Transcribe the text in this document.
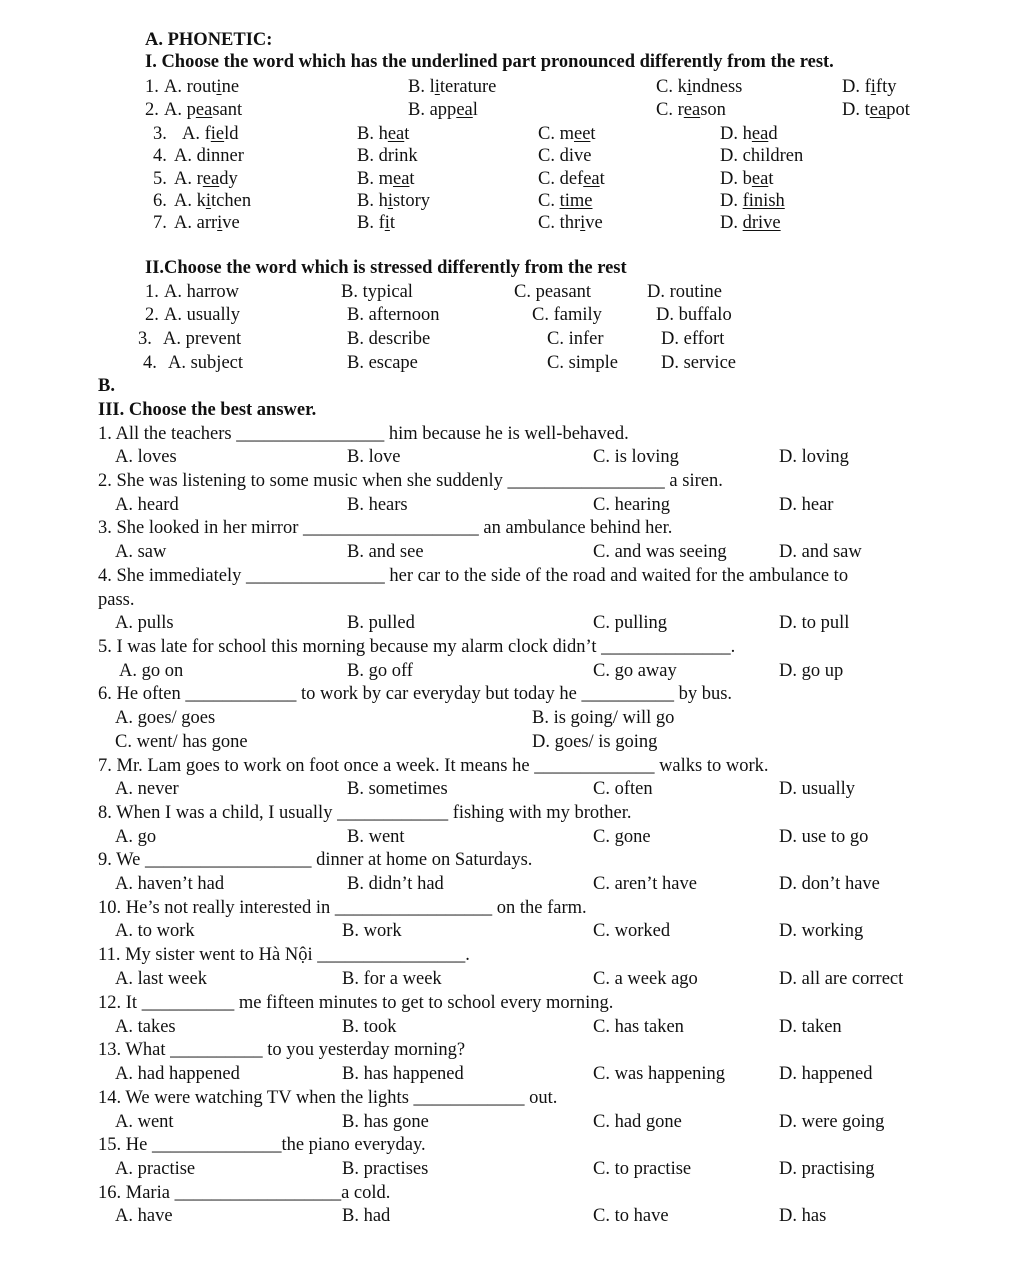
A. PHONETIC:
I. Choose the word which has the underlined part pronounced differently from the rest.
1. A. routine	B. literature	C. kindness	D. fifty
2. A. peasant	B. appeal	C. reason	D. teapot
3. A. field	B. heat	C. meet	D. head
4. A. dinner	B. drink	C. dive	D. children
5. A. ready	B. meat	C. defeat	D. beat
6. A. kitchen	B. history	C. time	D. finish
7. A. arrive	B. fit	C. thrive	D. drive
II.Choose the word which is stressed differently from the rest
1. A. harrow	B. typical	C. peasant	D. routine
2. A. usually	B. afternoon	C. family	D. buffalo
3. A. prevent	B. describe	C. infer	D. effort
4. A. subject	B. escape	C. simple D. service
B.
III. Choose the best answer.
1. All the teachers ________________ him because he is well-behaved.
A. loves	B. love	C. is loving	D. loving
2. She was listening to some music when she suddenly _________________ a siren.
A. heard	B. hears	C. hearing	D. hear
3. She looked in her mirror ___________________ an ambulance behind her.
A. saw	B. and see	C. and was seeing	D. and saw
4. She immediately _______________ her car to the side of the road and waited for the ambulance to
pass.
A. pulls	B. pulled	C. pulling	D. to pull
5. I was late for school this morning because my alarm clock didn’t ______________.
A. go on	B. go off	C. go away	D. go up
6. He often ____________ to work by car everyday but today he __________ by bus.
A. goes/ goes	B. is going/ will go
C. went/ has gone	D. goes/ is going
7. Mr. Lam goes to work on foot once a week. It means he _____________ walks to work.
A. never	B. sometimes	C. often	D. usually
8. When I was a child, I usually ____________ fishing with my brother.
A. go	B. went	C. gone	D. use to go
9. We __________________ dinner at home on Saturdays.
A. haven’t had	B. didn’t had	C. aren’t have	D. don’t have
10. He’s not really interested in _________________ on the farm.
A. to work	B. work	C. worked	D. working
11. My sister went to Hà Nội ________________.
A. last week	B. for a week	C. a week ago	D. all are correct
12. It __________ me fifteen minutes to get to school every morning.
A. takes	B. took	C. has taken	D. taken
13. What __________ to you yesterday morning?
A. had happened	B. has happened	C. was happening	D. happened
14. We were watching TV when the lights ____________ out.
A. went	B. has gone	C. had gone	D. were going
15. He ______________the piano everyday.
A. practise	B. practises	C. to practise	D. practising
16. Maria __________________a cold.
A. have	B. had	C. to have	D. has
